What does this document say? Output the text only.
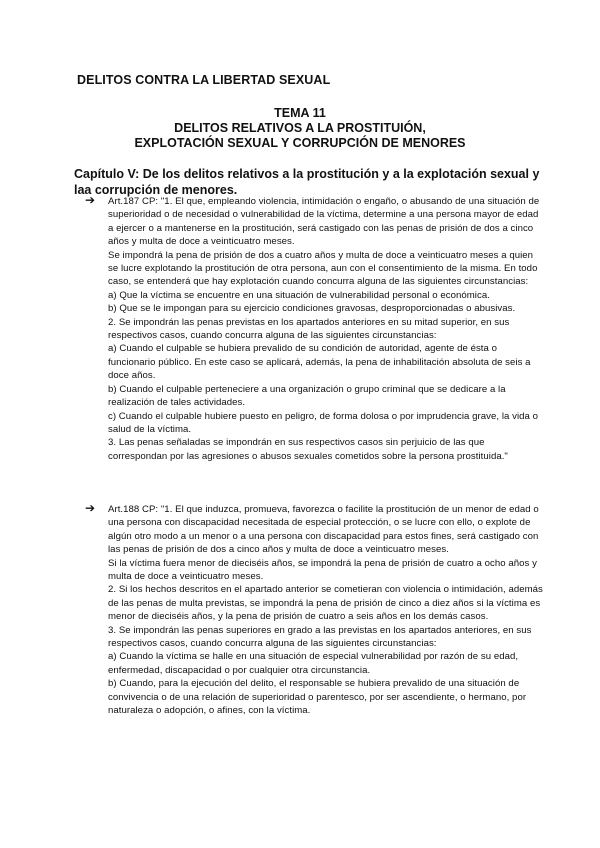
DELITOS CONTRA LA LIBERTAD SEXUAL
TEMA 11
DELITOS RELATIVOS A LA PROSTITUIÓN,
EXPLOTACIÓN SEXUAL Y CORRUPCIÓN DE MENORES
Capítulo V: De los delitos relativos a la prostitución y a la explotación sexual y laa corrupción de menores.
➔ Art.187 CP: "1. El que, empleando violencia, intimidación o engaño, o abusando de una situación de superioridad o de necesidad o vulnerabilidad de la víctima, determine a una persona mayor de edad a ejercer o a mantenerse en la prostitución, será castigado con las penas de prisión de dos a cinco años y multa de doce a veinticuatro meses.

Se impondrá la pena de prisión de dos a cuatro años y multa de doce a veinticuatro meses a quien se lucre explotando la prostitución de otra persona, aun con el consentimiento de la misma. En todo caso, se entenderá que hay explotación cuando concurra alguna de las siguientes circunstancias:

a) Que la víctima se encuentre en una situación de vulnerabilidad personal o económica.

b) Que se le impongan para su ejercicio condiciones gravosas, desproporcionadas o abusivas.

2. Se impondrán las penas previstas en los apartados anteriores en su mitad superior, en sus respectivos casos, cuando concurra alguna de las siguientes circunstancias:

a) Cuando el culpable se hubiera prevalido de su condición de autoridad, agente de ésta o funcionario público. En este caso se aplicará, además, la pena de inhabilitación absoluta de seis a doce años.

b) Cuando el culpable perteneciere a una organización o grupo criminal que se dedicare a la realización de tales actividades.

c) Cuando el culpable hubiere puesto en peligro, de forma dolosa o por imprudencia grave, la vida o salud de la víctima.

3. Las penas señaladas se impondrán en sus respectivos casos sin perjuicio de las que correspondan por las agresiones o abusos sexuales cometidos sobre la persona prostituida."

➔ Art.188 CP: "1. El que induzca, promueva, favorezca o facilite la prostitución de un menor de edad o una persona con discapacidad necesitada de especial protección, o se lucre con ello, o explote de algún otro modo a un menor o a una persona con discapacidad para estos fines, será castigado con las penas de prisión de dos a cinco años y multa de doce a veinticuatro meses.

Si la víctima fuera menor de dieciséis años, se impondrá la pena de prisión de cuatro a ocho años y multa de doce a veinticuatro meses.

2. Si los hechos descritos en el apartado anterior se cometieran con violencia o intimidación, además de las penas de multa previstas, se impondrá la pena de prisión de cinco a diez años si la víctima es menor de dieciséis años, y la pena de prisión de cuatro a seis años en los demás casos.

3. Se impondrán las penas superiores en grado a las previstas en los apartados anteriores, en sus respectivos casos, cuando concurra alguna de las siguientes circunstancias:

a) Cuando la víctima se halle en una situación de especial vulnerabilidad por razón de su edad, enfermedad, discapacidad o por cualquier otra circunstancia.

b) Cuando, para la ejecución del delito, el responsable se hubiera prevalido de una situación de convivencia o de una relación de superioridad o parentesco, por ser ascendiente, o hermano, por naturaleza o adopción, o afines, con la víctima.
